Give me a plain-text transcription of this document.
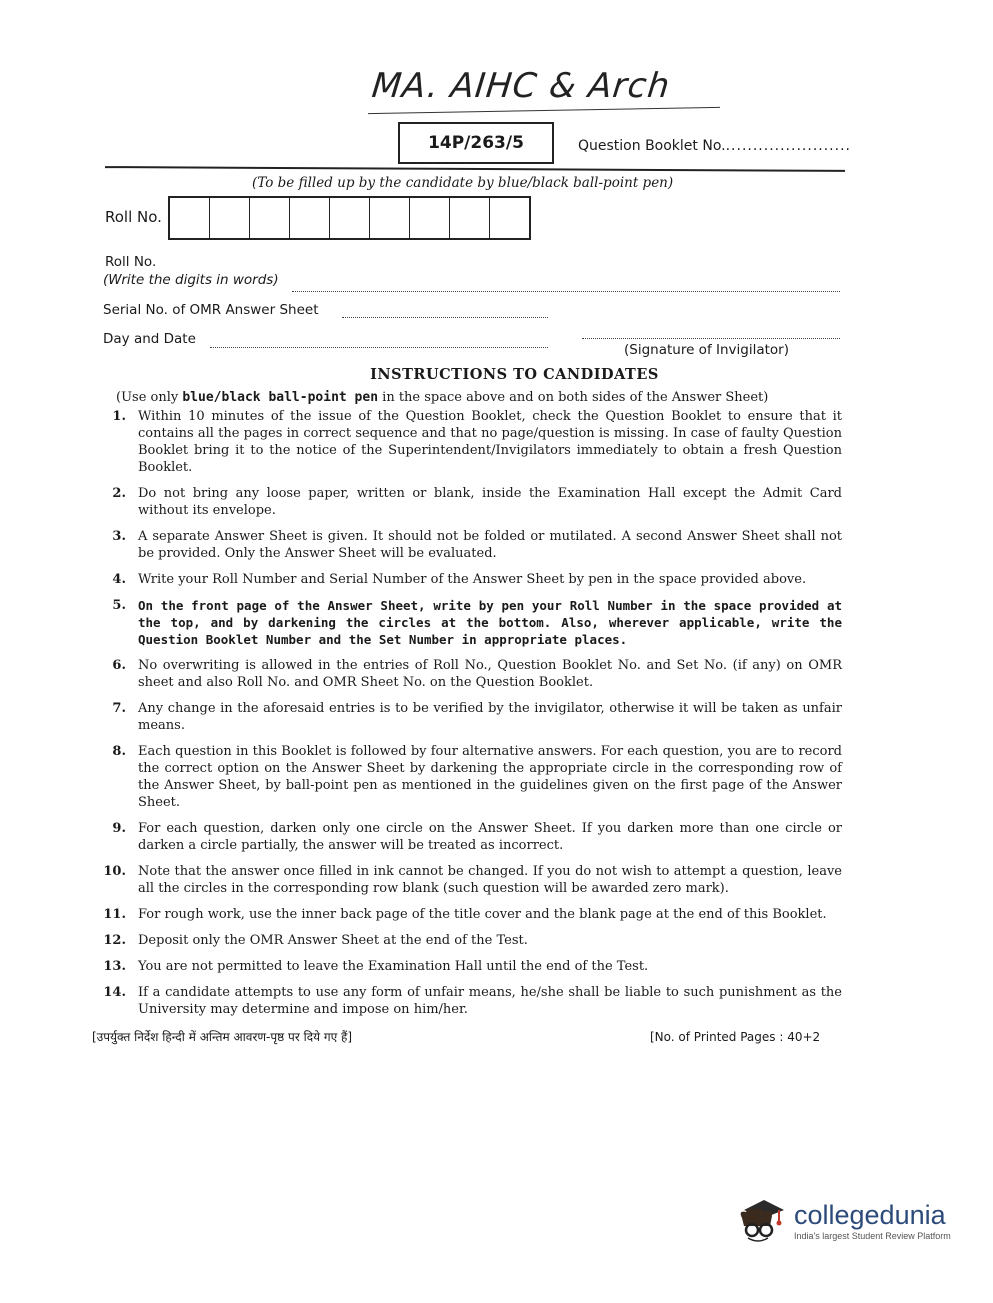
MA. AIHC & Arch
14P/263/5	Question Booklet No........................
(To be filled up by the candidate by blue/black ball-point pen)
Roll No.
Roll No.
(Write the digits in words)
Serial No. of OMR Answer Sheet
Day and Date
(Signature of Invigilator)
INSTRUCTIONS TO CANDIDATES
(Use only blue/black ball-point pen in the space above and on both sides of the Answer Sheet)
1. Within 10 minutes of the issue of the Question Booklet, check the Question Booklet to ensure that it contains all the pages in correct sequence and that no page/question is missing. In case of faulty Question Booklet bring it to the notice of the Superintendent/Invigilators immediately to obtain a fresh Question Booklet.
2. Do not bring any loose paper, written or blank, inside the Examination Hall except the Admit Card without its envelope.
3. A separate Answer Sheet is given. It should not be folded or mutilated. A second Answer Sheet shall not be provided. Only the Answer Sheet will be evaluated.
4. Write your Roll Number and Serial Number of the Answer Sheet by pen in the space provided above.
5. On the front page of the Answer Sheet, write by pen your Roll Number in the space provided at the top, and by darkening the circles at the bottom. Also, wherever applicable, write the Question Booklet Number and the Set Number in appropriate places.
6. No overwriting is allowed in the entries of Roll No., Question Booklet No. and Set No. (if any) on OMR sheet and also Roll No. and OMR Sheet No. on the Question Booklet.
7. Any change in the aforesaid entries is to be verified by the invigilator, otherwise it will be taken as unfair means.
8. Each question in this Booklet is followed by four alternative answers. For each question, you are to record the correct option on the Answer Sheet by darkening the appropriate circle in the corresponding row of the Answer Sheet, by ball-point pen as mentioned in the guidelines given on the first page of the Answer Sheet.
9. For each question, darken only one circle on the Answer Sheet. If you darken more than one circle or darken a circle partially, the answer will be treated as incorrect.
10. Note that the answer once filled in ink cannot be changed. If you do not wish to attempt a question, leave all the circles in the corresponding row blank (such question will be awarded zero mark).
11. For rough work, use the inner back page of the title cover and the blank page at the end of this Booklet.
12. Deposit only the OMR Answer Sheet at the end of the Test.
13. You are not permitted to leave the Examination Hall until the end of the Test.
14. If a candidate attempts to use any form of unfair means, he/she shall be liable to such punishment as the University may determine and impose on him/her.
[उपर्युक्त निर्देश हिन्दी में अन्तिम आवरण-पृष्ठ पर दिये गए हैं]	[No. of Printed Pages : 40+2
collegedunia
India's largest Student Review Platform
